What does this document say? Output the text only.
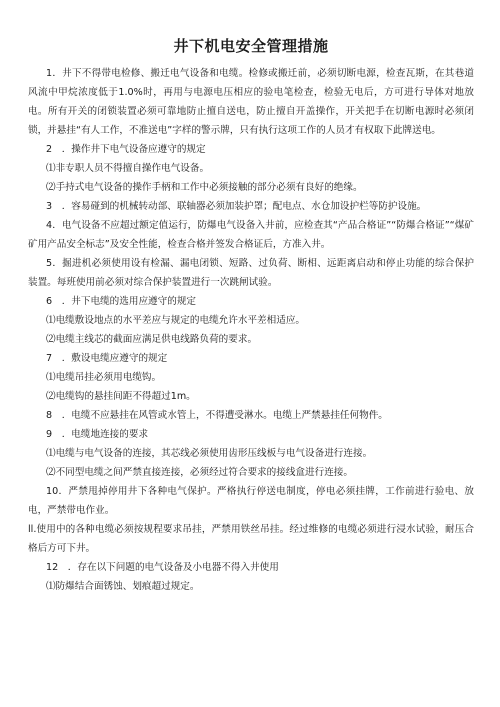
井下机电安全管理措施

1．井下不得带电检修、搬迁电气设备和电缆。检修或搬迁前，必须切断电源，检查瓦斯，在其巷道风流中甲烷浓度低于1.0%时，再用与电源电压相应的验电笔检查，检验无电后，方可进行导体对地放电。所有开关的闭锁装置必须可靠地防止擅自送电，防止擅自开盖操作，开关把手在切断电源时必须闭锁，并悬挂“有人工作，不准送电”字样的警示牌，只有执行这项工作的人员才有权取下此牌送电。

2　．操作井下电气设备应遵守的规定

⑴非专职人员不得擅自操作电气设备。

⑵手持式电气设备的操作手柄和工作中必须接触的部分必须有良好的绝缘。

3　．容易碰到的机械转动部、联轴器必须加装护罩；配电点、水仓加设护栏等防护设施。

4．电气设备不应超过额定值运行，防爆电气设备入井前，应检查其“产品合格证”“防爆合格证”“煤矿矿用产品安全标志”及安全性能，检查合格并签发合格证后，方准入井。

5．掘进机必须使用设有检漏、漏电闭锁、短路、过负荷、断相、远距离启动和停止功能的综合保护装置。每班使用前必须对综合保护装置进行一次跳闸试验。

6　．井下电缆的选用应遵守的规定

⑴电缆敷设地点的水平差应与规定的电缆允许水平差相适应。

⑵电缆主线芯的截面应满足供电线路负荷的要求。

7　．敷设电缆应遵守的规定

⑴电缆吊挂必须用电缆钩。

⑵电缆钩的悬挂间距不得超过1m。

8　．电缆不应悬挂在风管或水管上，不得遭受淋水。电缆上严禁悬挂任何物件。

9　．电缆地连接的要求

⑴电缆与电气设备的连接，其芯线必须使用齿形压线板与电气设备进行连接。

⑵不同型电缆之间严禁直接连接，必须经过符合要求的接线盒进行连接。

10．严禁甩掉停用井下各种电气保护。严格执行停送电制度，停电必须挂牌，工作前进行验电、放电，严禁带电作业。

ll.使用中的各种电缆必须按规程要求吊挂，严禁用铁丝吊挂。经过维修的电缆必须进行浸水试验，耐压合格后方可下井。

12　．存在以下问题的电气设备及小电器不得入井使用

⑴防爆结合面锈蚀、划痕超过规定。
